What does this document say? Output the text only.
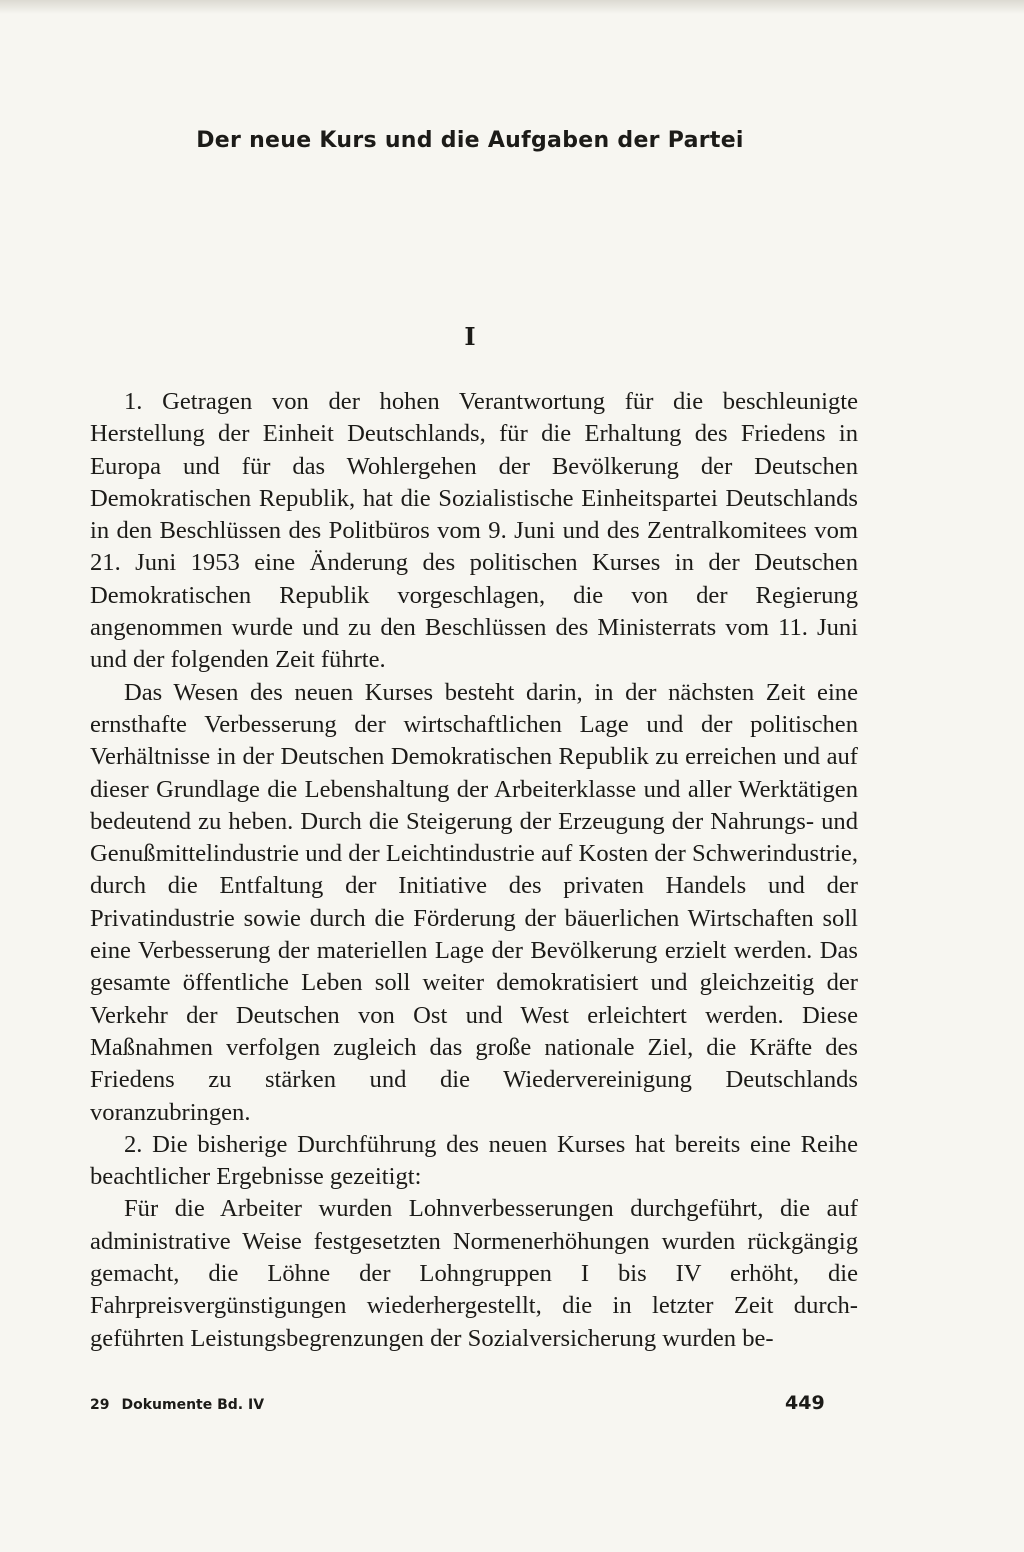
Der neue Kurs und die Aufgaben der Partei
I

1. Getragen von der hohen Verantwortung für die beschleunigte Herstellung der Einheit Deutschlands, für die Erhaltung des Friedens in Europa und für das Wohlergehen der Bevölkerung der Deutschen Demokratischen Republik, hat die Sozialistische Einheitspartei Deutschlands in den Beschlüssen des Politbüros vom 9. Juni und des Zentralkomitees vom 21. Juni 1953 eine Änderung des politischen Kurses in der Deutschen Demokratischen Republik vorgeschlagen, die von der Regierung angenommen wurde und zu den Beschlüssen des Ministerrats vom 11. Juni und der folgenden Zeit führte.

Das Wesen des neuen Kurses besteht darin, in der nächsten Zeit eine ernsthafte Verbesserung der wirtschaftlichen Lage und der politischen Verhältnisse in der Deutschen Demokratischen Republik zu erreichen und auf dieser Grundlage die Lebenshaltung der Arbeiterklasse und aller Werktätigen bedeutend zu heben. Durch die Steigerung der Erzeugung der Nahrungs- und Genußmittelindustrie und der Leichtindustrie auf Kosten der Schwerindustrie, durch die Entfaltung der Initiative des privaten Handels und der Privatindustrie sowie durch die Förderung der bäuerlichen Wirtschaften soll eine Verbesserung der materiellen Lage der Bevölkerung erzielt werden. Das gesamte öffentliche Leben soll weiter demokratisiert und gleichzeitig der Verkehr der Deutschen von Ost und West erleichtert werden. Diese Maßnahmen verfolgen zugleich das große nationale Ziel, die Kräfte des Friedens zu stärken und die Wiedervereinigung Deutschlands voranzubringen.

2. Die bisherige Durchführung des neuen Kurses hat bereits eine Reihe beachtlicher Ergebnisse gezeitigt:

Für die Arbeiter wurden Lohnverbesserungen durchgeführt, die auf administrative Weise festgesetzten Normenerhöhungen wurden rückgängig gemacht, die Löhne der Lohngruppen I bis IV erhöht, die Fahrpreisvergünstigungen wiederhergestellt, die in letzter Zeit durchgeführten Leistungsbegrenzungen der Sozialversicherung wurden be-

29 Dokumente Bd. IV	449
